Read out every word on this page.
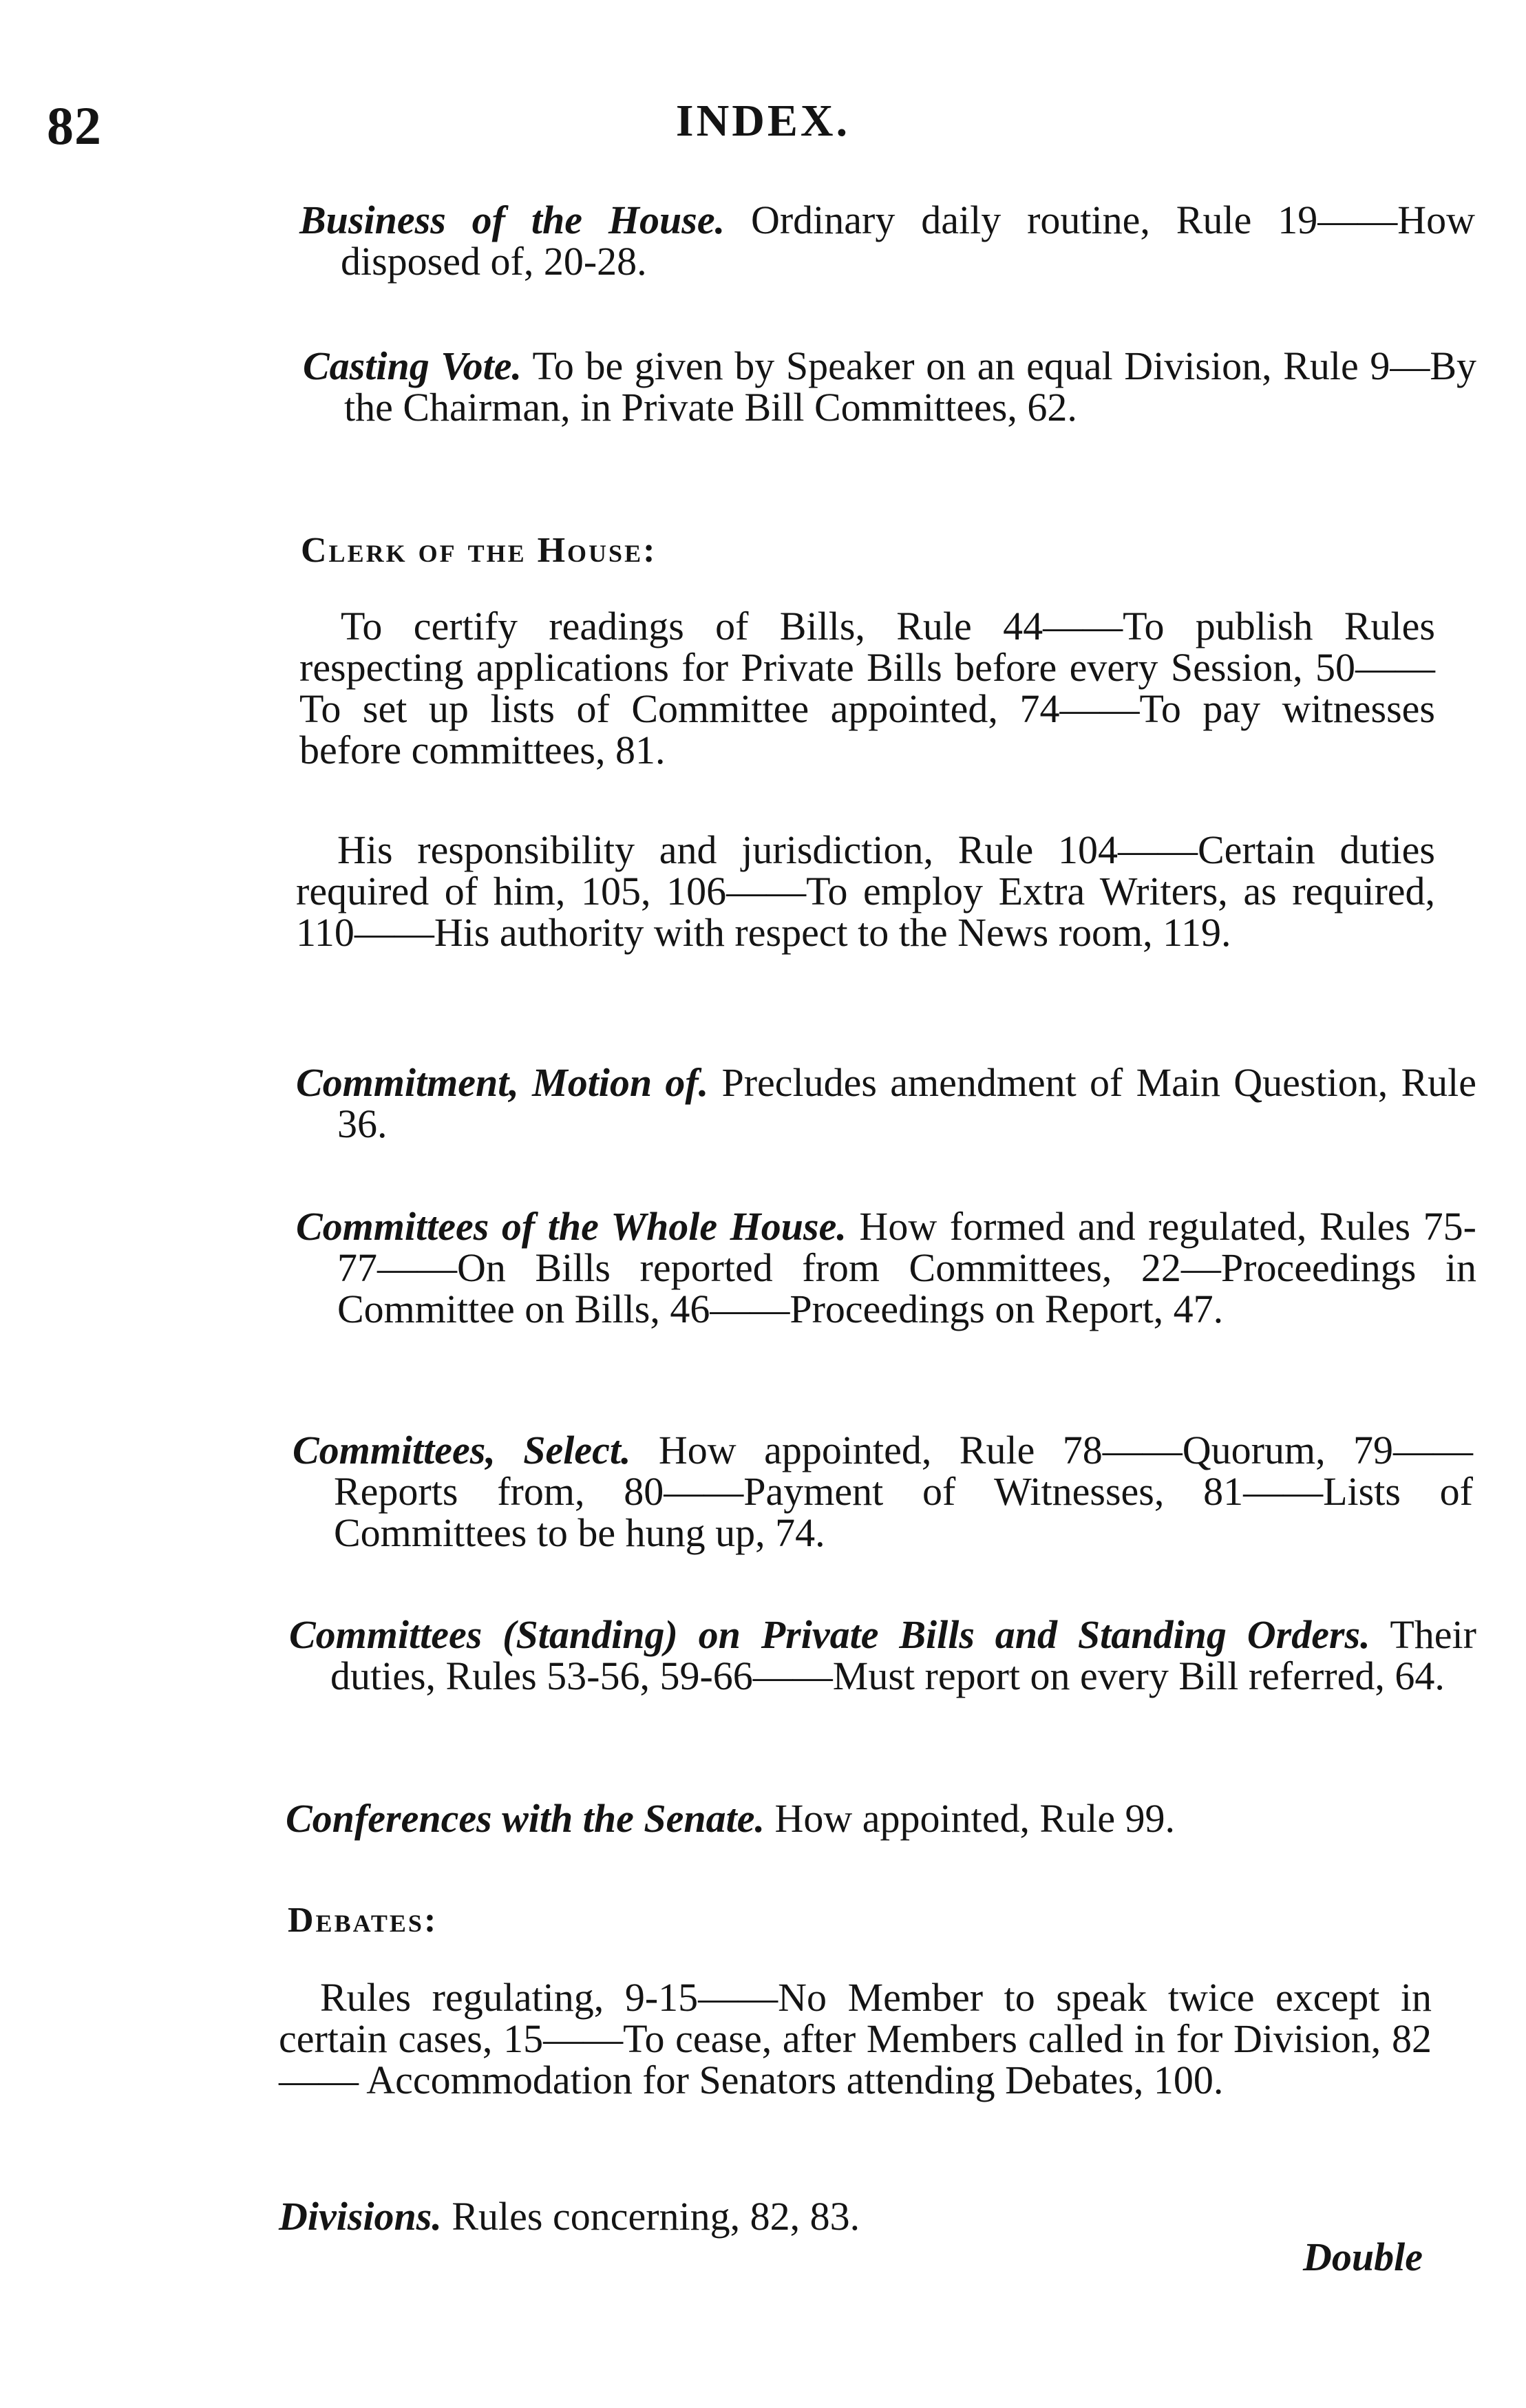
82	INDEX.
Business of the House. Ordinary daily routine, Rule 19——How disposed of, 20-28.
Casting Vote. To be given by Speaker on an equal Division, Rule 9—By the Chairman, in Private Bill Committees, 62.
Clerk of the House:
To certify readings of Bills, Rule 44——To publish Rules respecting applications for Private Bills before every Session, 50——To set up lists of Committee appointed, 74——To pay witnesses before committees, 81.
His responsibility and jurisdiction, Rule 104——Certain duties required of him, 105, 106——To employ Extra Writers, as required, 110——His authority with respect to the News room, 119.
Commitment, Motion of. Precludes amendment of Main Question, Rule 36.
Committees of the Whole House. How formed and regulated, Rules 75-77——On Bills reported from Committees, 22—Proceedings in Committee on Bills, 46——Proceedings on Report, 47.
Committees, Select. How appointed, Rule 78——Quorum, 79——Reports from, 80——Payment of Witnesses, 81——Lists of Committees to be hung up, 74.
Committees (Standing) on Private Bills and Standing Orders. Their duties, Rules 53-56, 59-66——Must report on every Bill referred, 64.
Conferences with the Senate. How appointed, Rule 99.
Debates:
Rules regulating, 9-15——No Member to speak twice except in certain cases, 15——To cease, after Members called in for Division, 82—— Accommodation for Senators attending Debates, 100.
Divisions. Rules concerning, 82, 83.
Double
